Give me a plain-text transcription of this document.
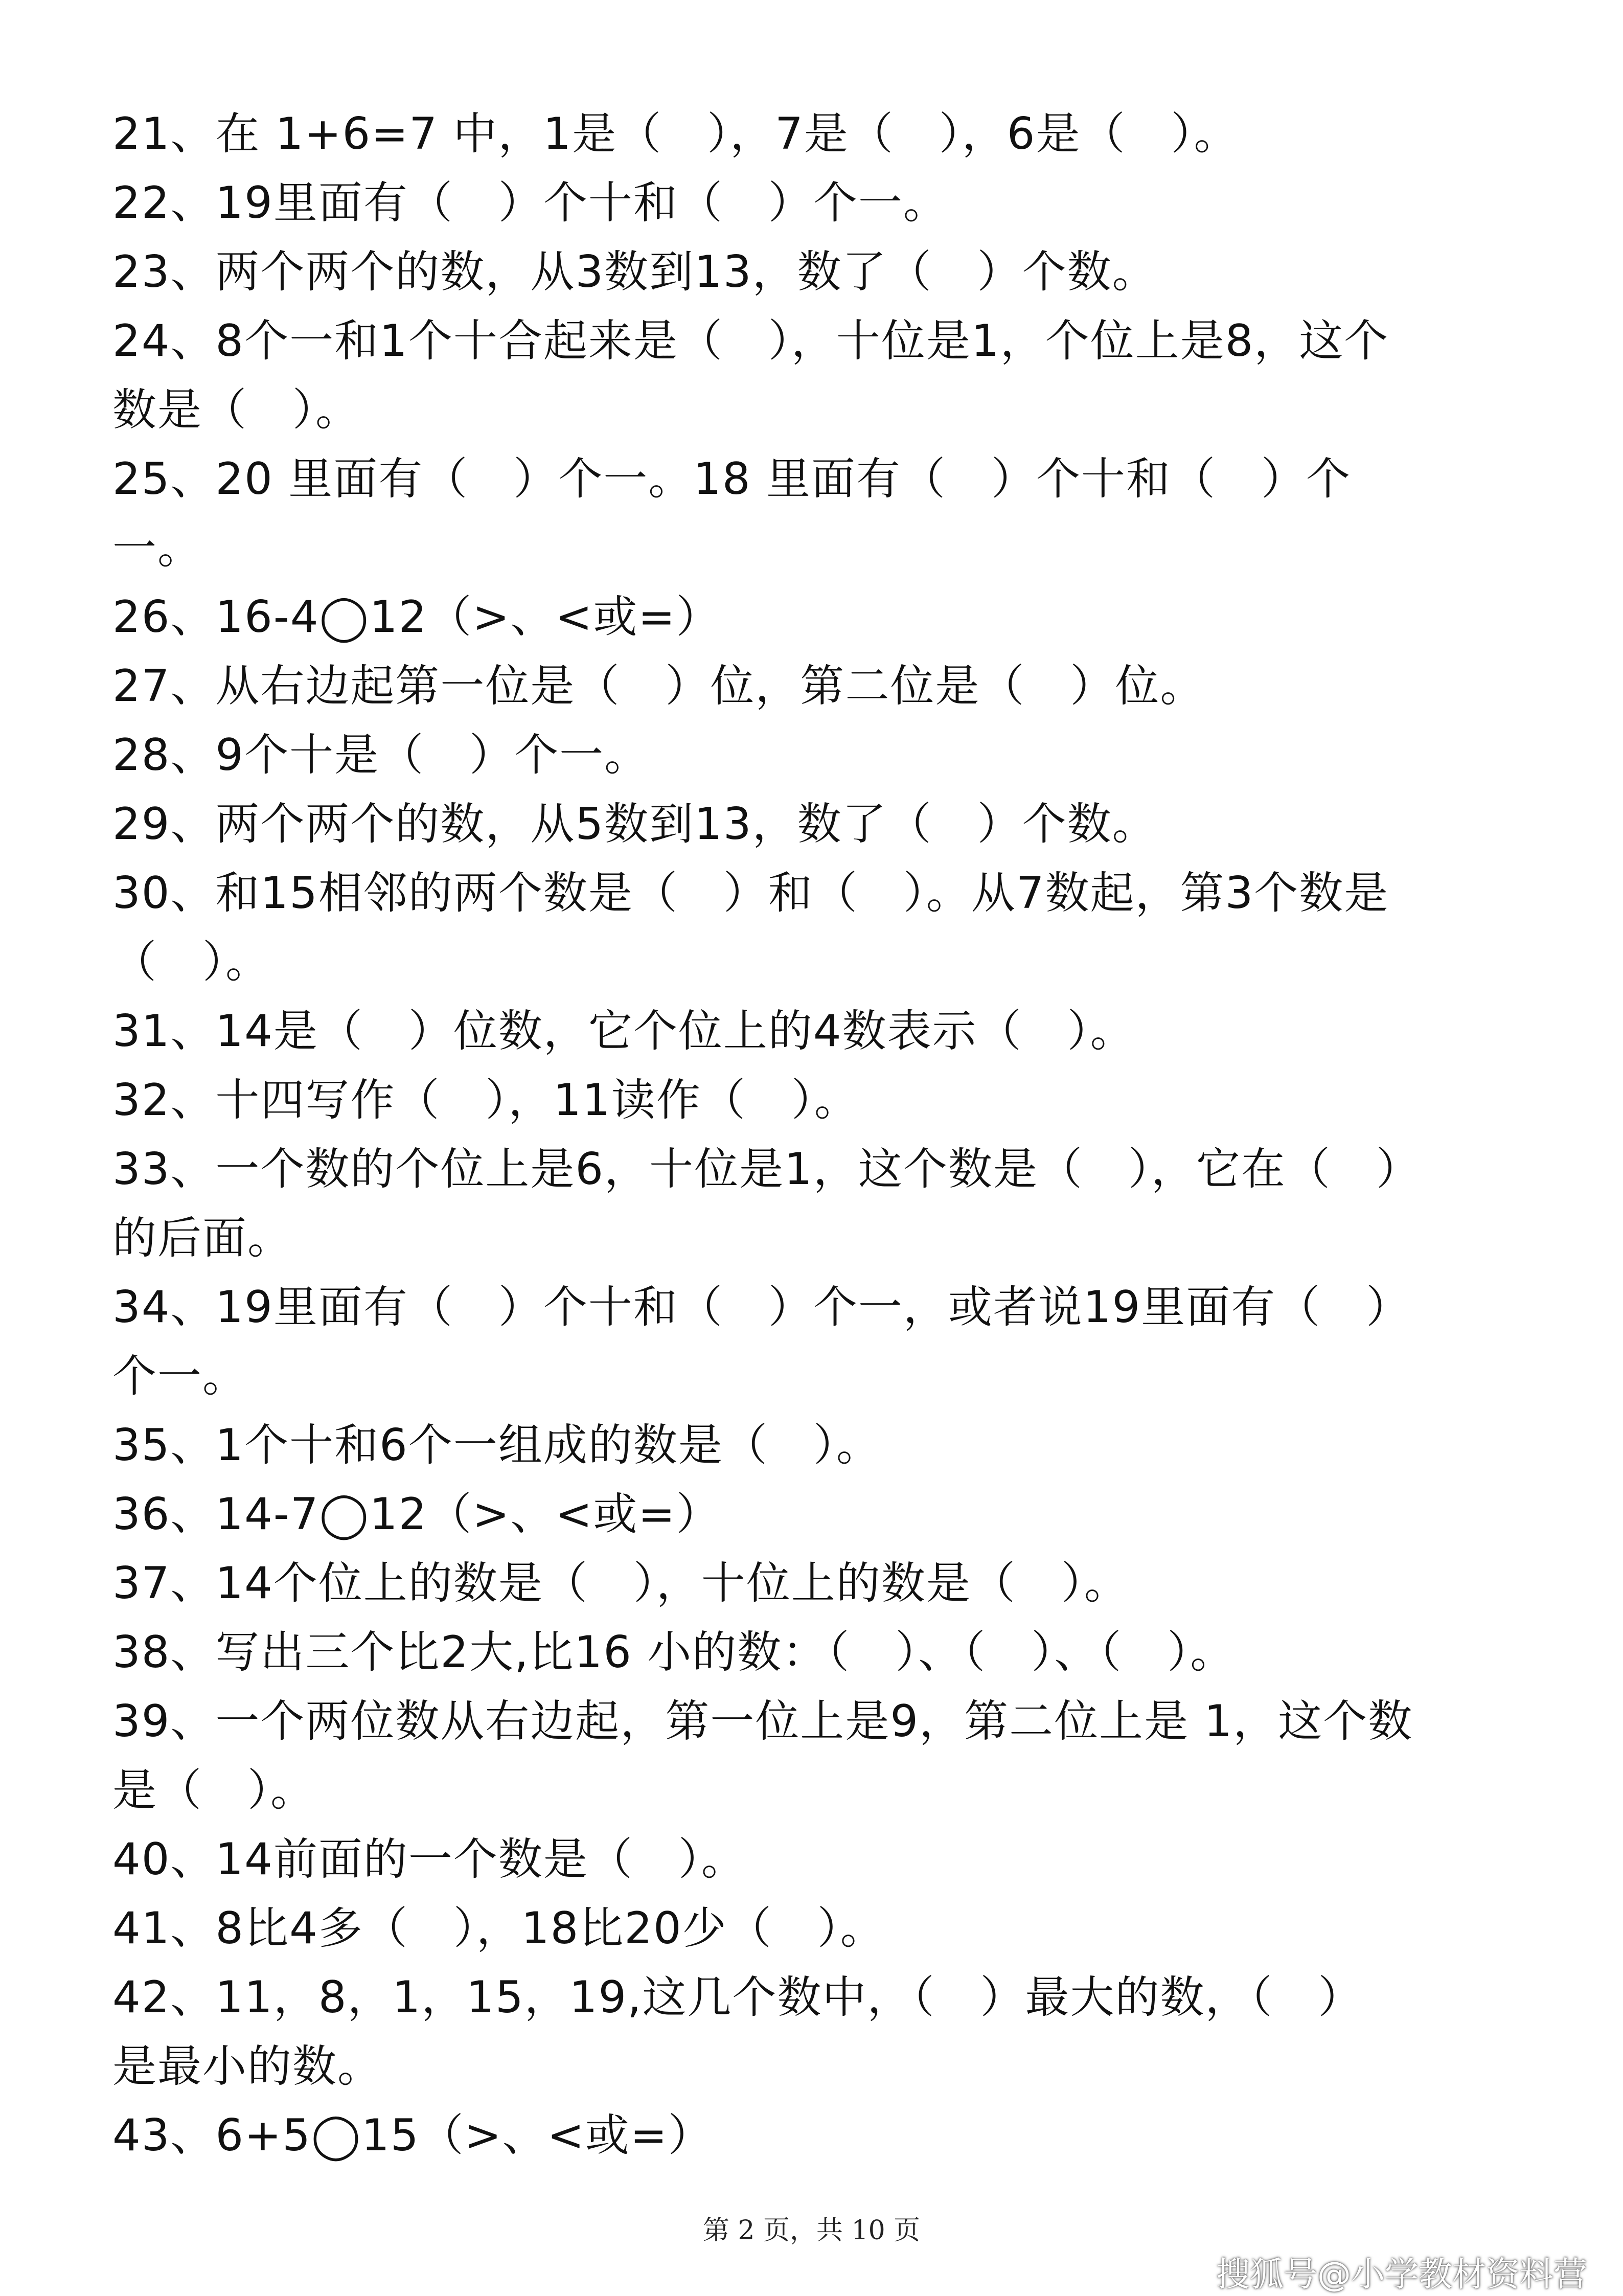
21、在 1+6=7 中，1是（　），7是（　），6是（　）。
22、19里面有（　）个十和（　）个一。
23、两个两个的数，从3数到13，数了（　）个数。
24、8个一和1个十合起来是（　），十位是1，个位上是8，这个
数是（　）。
25、20 里面有（　）个一。18 里面有（　）个十和（　）个
一。
26、16-4◯12（>、<或=）
27、从右边起第一位是（　）位，第二位是（　）位。
28、9个十是（　）个一。
29、两个两个的数，从5数到13，数了（　）个数。
30、和15相邻的两个数是（　）和（　）。从7数起，第3个数是
（　）。
31、14是（　）位数，它个位上的4数表示（　）。
32、十四写作（　），11读作（　）。
33、一个数的个位上是6，十位是1，这个数是（　），它在（　）
的后面。
34、19里面有（　）个十和（　）个一，或者说19里面有（　）
个一。
35、1个十和6个一组成的数是（　）。
36、14-7◯12（>、<或=）
37、14个位上的数是（　），十位上的数是（　）。
38、写出三个比2大,比16 小的数：（　）、（　）、（　）。
39、一个两位数从右边起，第一位上是9，第二位上是 1，这个数
是（　）。
40、14前面的一个数是（　）。
41、8比4多（　），18比20少（　）。
42、11，8，1，15，19,这几个数中，（　）最大的数，（　）
是最小的数。
43、6+5◯15（>、<或=）
第 2 页，共 10 页
搜狐号@小学教材资料营
